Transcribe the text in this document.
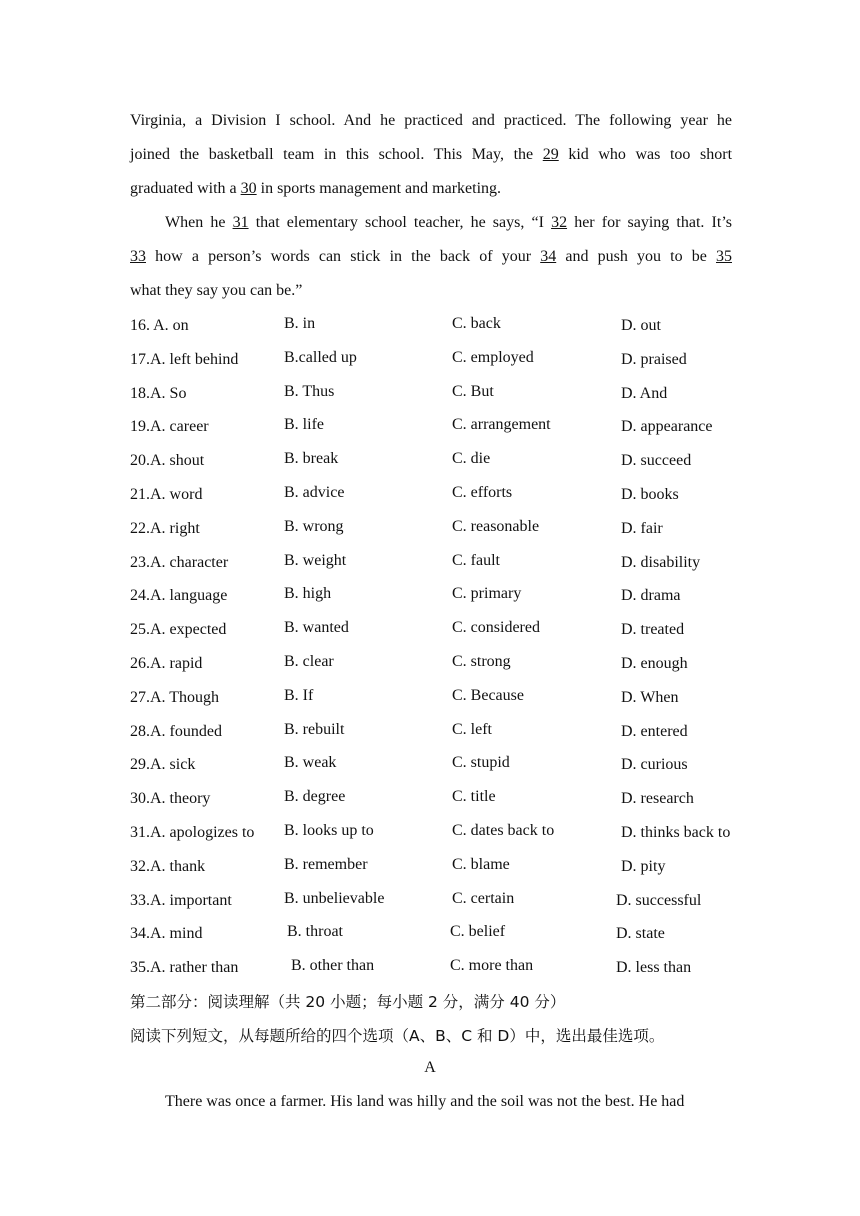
Virginia, a Division I school. And he practiced and practiced. The following year he
joined the basketball team in this school. This May, the 29 kid who was too short
graduated with a 30 in sports management and marketing.
When he 31 that elementary school teacher, he says, “I 32 her for saying that. It’s
33 how a person’s words can stick in the back of your 34 and push you to be 35
what they say you can be.”
16. A. on	B. in	C. back	D. out
17.A. left behind	B.called up	C. employed	D. praised
18.A. So	B. Thus	C. But	D. And
19.A. career	B. life	C. arrangement	D. appearance
20.A. shout	B. break	C. die	D. succeed
21.A. word	B. advice	C. efforts	D. books
22.A. right	B. wrong	C. reasonable	D. fair
23.A. character	B. weight	C. fault	D. disability
24.A. language	B. high	C. primary	D. drama
25.A. expected	B. wanted	C. considered	D. treated
26.A. rapid	B. clear	C. strong	D. enough
27.A. Though	B. If	C. Because	D. When
28.A. founded	B. rebuilt	C. left	D. entered
29.A. sick	B. weak	C. stupid	D. curious
30.A. theory	B. degree	C. title	D. research
31.A. apologizes to B. looks up to	C. dates back to	D. thinks back to
32.A. thank	B. remember	C. blame	D. pity
33.A. important	B. unbelievable	C. certain	D. successful
34.A. mind	B. throat	C. belief	D. state
35.A. rather than	B. other than	C. more than	D. less than
第二部分：阅读理解（共 20 小题；每小题 2 分，满分 40 分）
阅读下列短文，从每题所给的四个选项（A、B、C 和 D）中，选出最佳选项。
A
There was once a farmer. His land was hilly and the soil was not the best. He had
